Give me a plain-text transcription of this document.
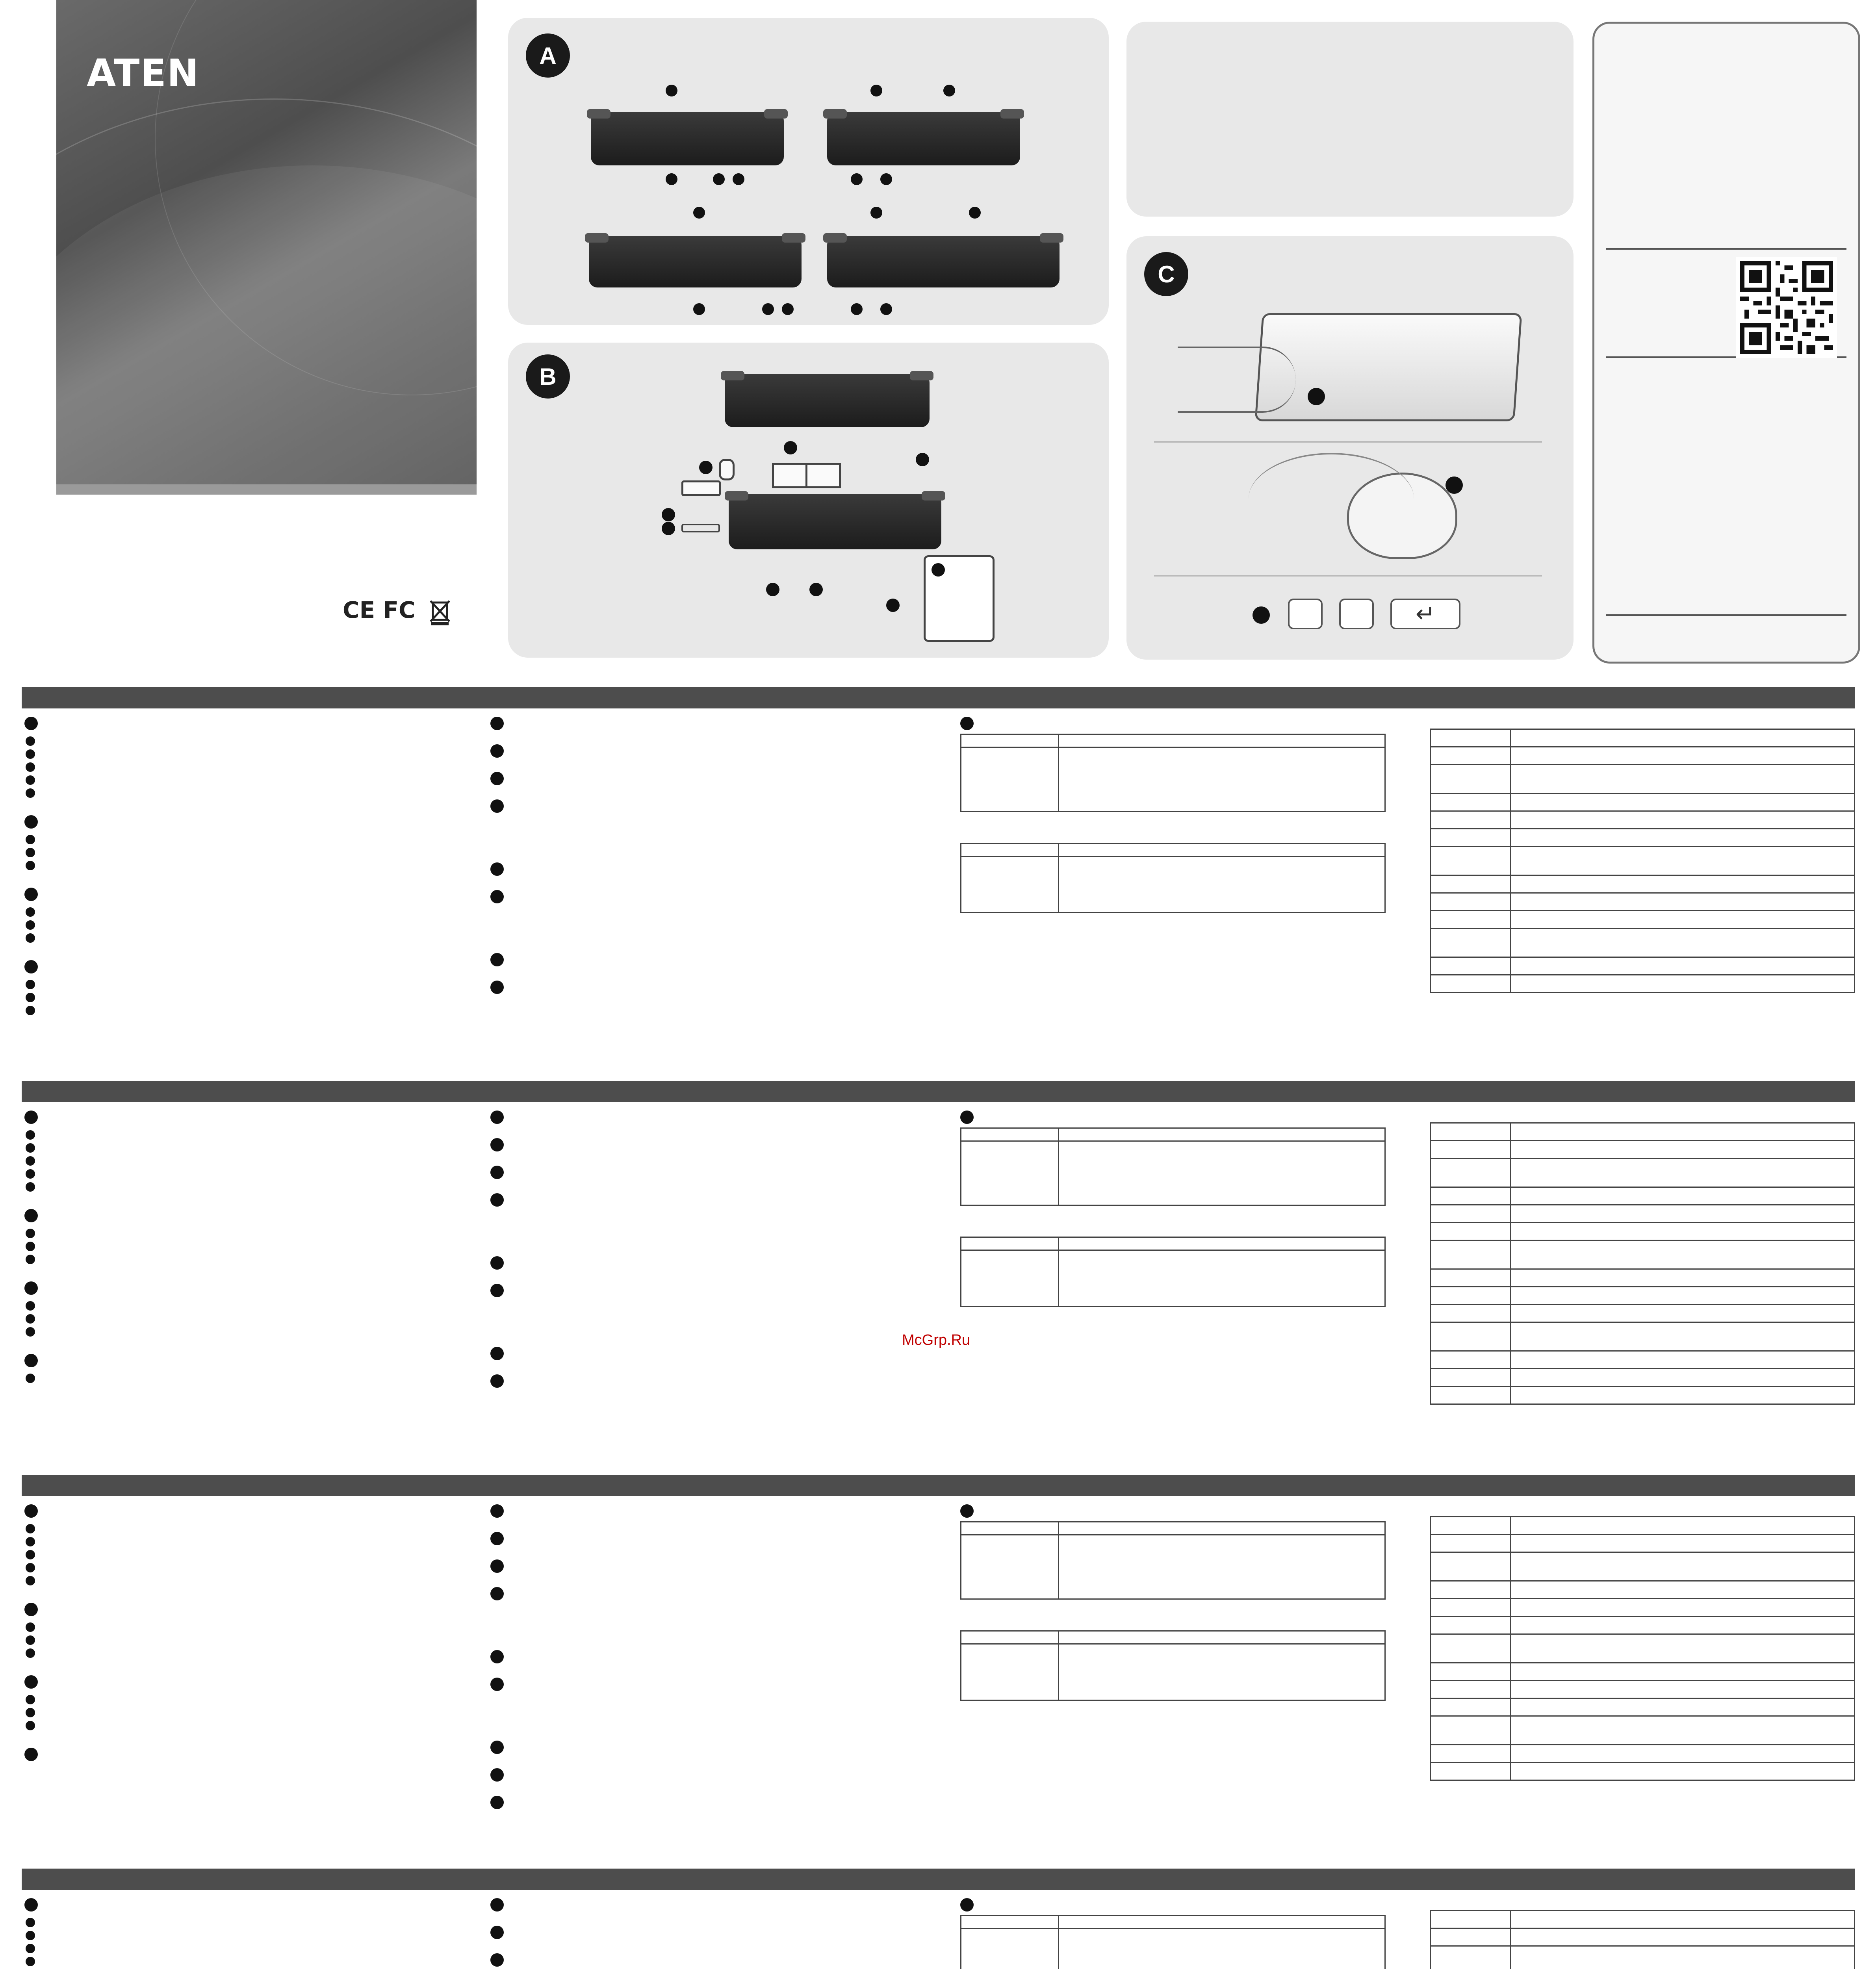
ATEN
CE FC
A
B
C
↵

McGrp.Ru
